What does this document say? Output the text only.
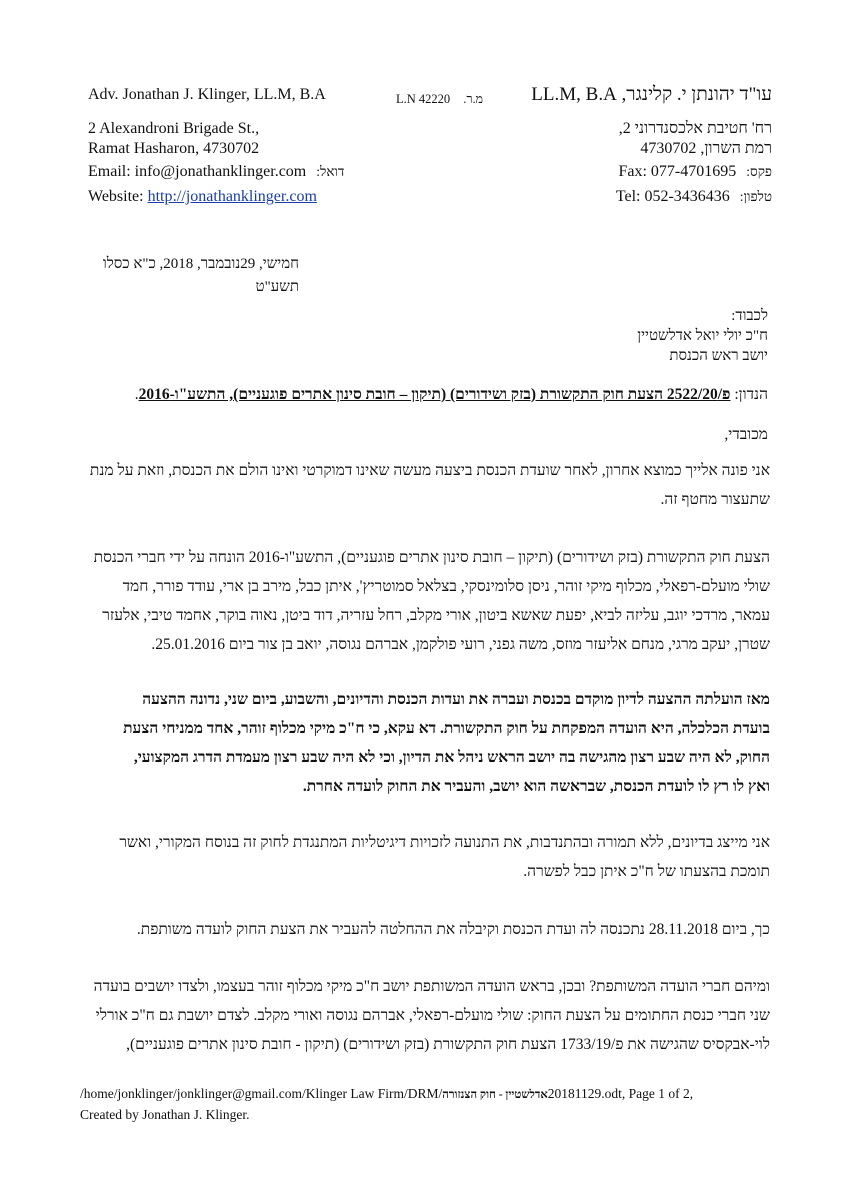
Adv. Jonathan J. Klinger, LL.M, B.A	L.N 42220 מ.ר.	עו"ד יהונתן י. קלינגר, LL.M, B.A
2 Alexandroni Brigade St.,
Ramat Hasharon, 4730702
רח' חטיבת אלכסנדרוני 2,
רמת השרון, 4730702
Email: info@jonathanklinger.com דואל:	פקס: Fax: 077-4701695
Website: http://jonathanklinger.com	טלפון: Tel: 052-3436436
חמישי, 29נובמבר, 2018, כ"א כסלו
תשע"ט
לכבוד:
ח"כ יולי יואל אדלשטיין
יושב ראש הכנסת
הנדון: פ/2522/20 הצעת חוק התקשורת (בזק ושידורים) (תיקון – חובת סינון אתרים פוגעניים), התשע"ו-2016.
מכובדי,
אני פונה אלייך כמוצא אחרון, לאחר שועדת הכנסת ביצעה מעשה שאינו דמוקרטי ואינו הולם את הכנסת, וזאת על מנת
שתעצור מחטף זה.
הצעת חוק התקשורת (בזק ושידורים) (תיקון – חובת סינון אתרים פוגעניים), התשע"ו-2016 הונחה על ידי חברי הכנסת
שולי מועלם-רפאלי, מכלוף מיקי זוהר, ניסן סלומינסקי, בצלאל סמוטריץ', איתן כבל, מירב בן ארי, עודד פורר, חמד
עמאר, מרדכי יוגב, עליזה לביא, יפעת שאשא ביטון, אורי מקלב, רחל עזריה, דוד ביטן, נאוה בוקר, אחמד טיבי, אלעזר
שטרן, יעקב מרגי, מנחם אליעזר מוזס, משה גפני, רועי פולקמן, אברהם נגוסה, יואב בן צור ביום 25.01.2016.
מאז הועלתה ההצעה לדיון מוקדם בכנסת ועברה את ועדות הכנסת והדיונים, והשבוע, ביום שני, נדונה ההצעה
בועדת הכלכלה, היא הועדה המפקחת על חוק התקשורת. דא עקא, כי ח"כ מיקי מכלוף זוהר, אחד ממניחי הצעת
החוק, לא היה שבע רצון מהגישה בה יושב הראש ניהל את הדיון, וכי לא היה שבע רצון מעמדת הדרג המקצועי,
ואץ לו רץ לו לועדת הכנסת, שבראשה הוא יושב, והעביר את החוק לועדה אחרת.
אני מייצג בדיונים, ללא תמורה ובהתנדבות, את התנועה לזכויות דיגיטליות המתנגדת לחוק זה בנוסח המקורי, ואשר
תומכת בהצעתו של ח"כ איתן כבל לפשרה.
כך, ביום 28.11.2018 נתכנסה לה ועדת הכנסת וקיבלה את ההחלטה להעביר את הצעת החוק לועדה משותפת.
ומיהם חברי הועדה המשותפת? ובכן, בראש הועדה המשותפת יושב ח"כ מיקי מכלוף זוהר בעצמו, ולצדו יושבים בועדה
שני חברי כנסת החתומים על הצעת החוק: שולי מועלם-רפאלי, אברהם נגוסה ואורי מקלב. לצדם יושבת גם ח"כ אורלי
לוי-אבקסיס שהגישה את פ/1733/19 הצעת חוק התקשורת (בזק ושידורים) (תיקון - חובת סינון אתרים פוגעניים),
/home/jonklinger/jonklinger@gmail.com/Klinger Law Firm/DRM/אדלשטיין - חוק הצנזורה20181129.odt, Page 1 of 2,
Created by Jonathan J. Klinger.
